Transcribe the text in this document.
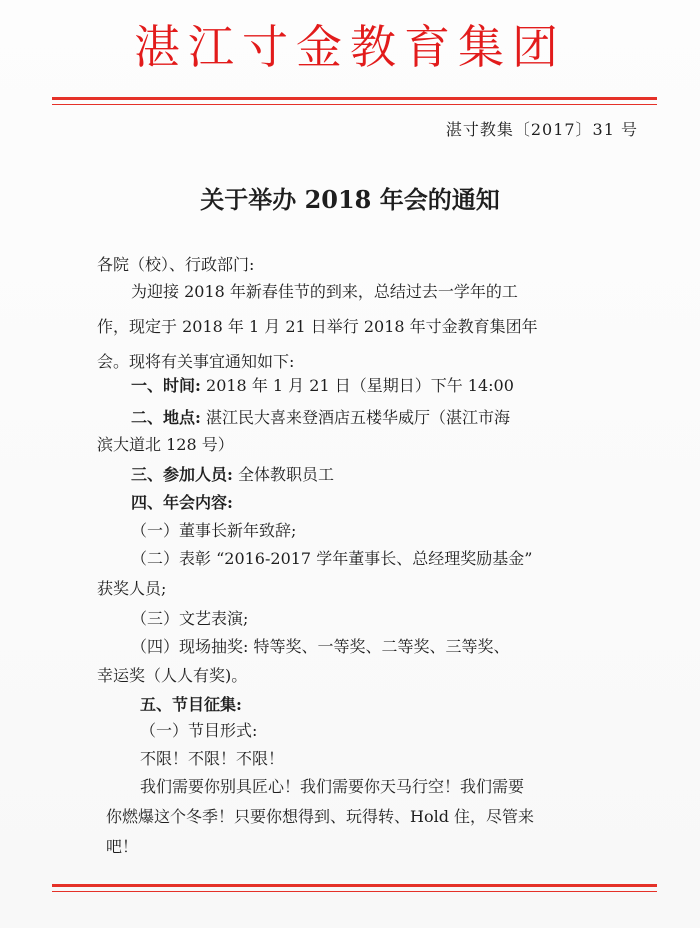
湛江寸金教育集团
湛寸教集〔2017〕31 号
关于举办 2018 年会的通知
各院（校）、行政部门:
为迎接 2018 年新春佳节的到来，总结过去一学年的工
作，现定于 2018 年 1 月 21 日举行 2018 年寸金教育集团年
会。现将有关事宜通知如下:
一、时间: 2018 年 1 月 21 日（星期日）下午 14:00
二、地点: 湛江民大喜来登酒店五楼华威厅（湛江市海
滨大道北 128 号）
三、参加人员: 全体教职员工
四、年会内容:
（一）董事长新年致辞;
（二）表彰 “2016-2017 学年董事长、总经理奖励基金”
获奖人员;
（三）文艺表演;
（四）现场抽奖: 特等奖、一等奖、二等奖、三等奖、
幸运奖（人人有奖)。
五、节目征集:
（一）节目形式:
不限！不限！不限！
我们需要你别具匠心！我们需要你天马行空！我们需要
你燃爆这个冬季！只要你想得到、玩得转、Hold 住，尽管来
吧！
